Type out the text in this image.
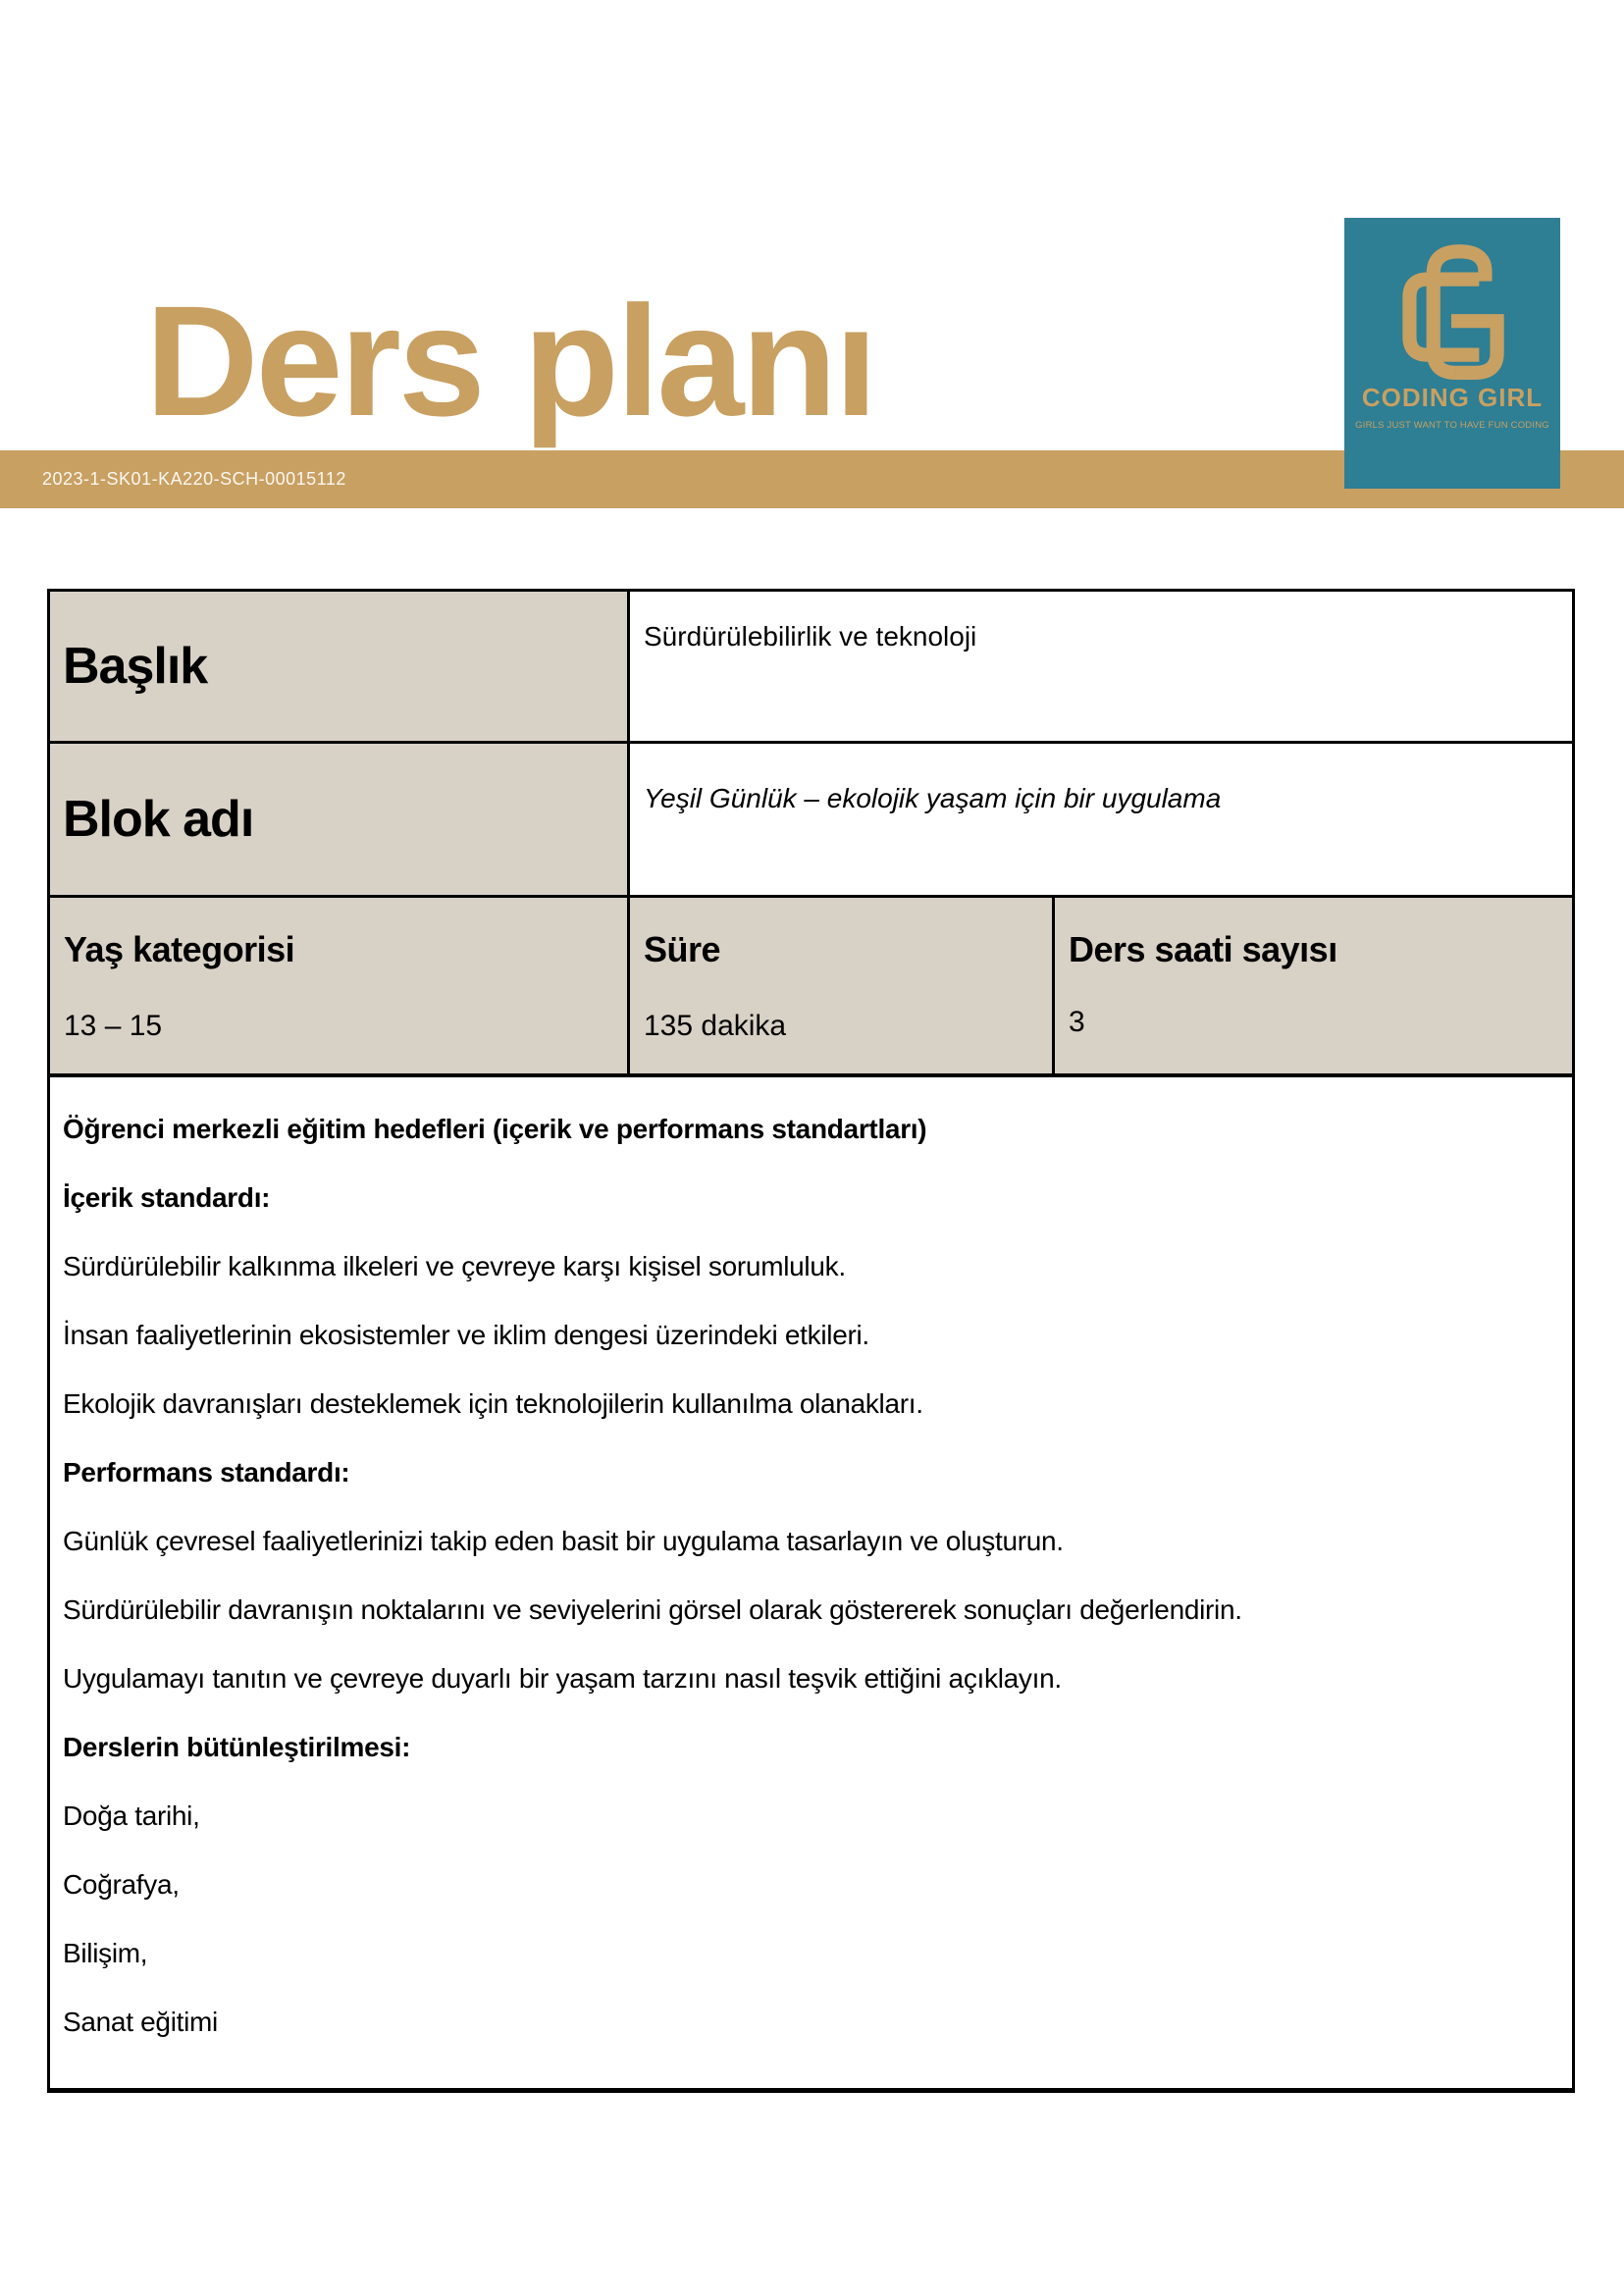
Ders planı
2023-1-SK01-KA220-SCH-00015112
CODING GIRL
GIRLS JUST WANT TO HAVE FUN CODING
Başlık
Sürdürülebilirlik ve teknoloji
Blok adı	Yeşil Günlük – ekolojik yaşam için bir uygulama
Yaş kategorisi
13 – 15
Süre
135 dakika
Ders saati sayısı
3

Öğrenci merkezli eğitim hedefleri (içerik ve performans standartları)

İçerik standardı:

Sürdürülebilir kalkınma ilkeleri ve çevreye karşı kişisel sorumluluk.

İnsan faaliyetlerinin ekosistemler ve iklim dengesi üzerindeki etkileri.

Ekolojik davranışları desteklemek için teknolojilerin kullanılma olanakları.

Performans standardı:

Günlük çevresel faaliyetlerinizi takip eden basit bir uygulama tasarlayın ve oluşturun.

Sürdürülebilir davranışın noktalarını ve seviyelerini görsel olarak göstererek sonuçları değerlendirin.

Uygulamayı tanıtın ve çevreye duyarlı bir yaşam tarzını nasıl teşvik ettiğini açıklayın.

Derslerin bütünleştirilmesi:

Doğa tarihi,

Coğrafya,

Bilişim,

Sanat eğitimi
